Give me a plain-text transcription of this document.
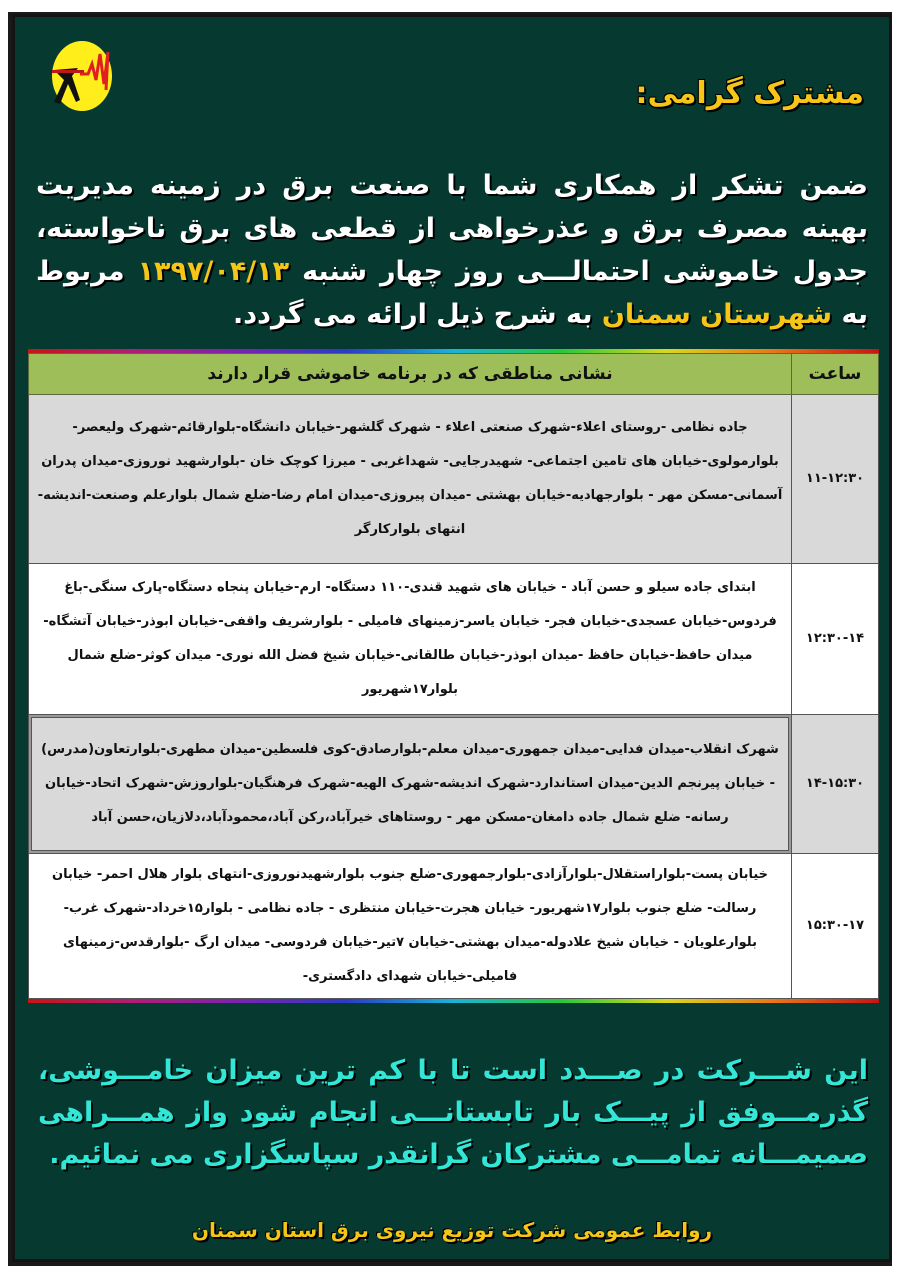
مشترک گرامی:
ضمن تشکر از همکاری شما با صنعت برق در زمینه مدیریت بهینه مصرف برق و عذرخواهی از قطعی های برق ناخواسته، جدول خاموشی احتمالـــی روز چهار شنبه ۱۳۹۷/۰۴/۱۳ مربوط به شهرستان سمنان به شرح ذیل ارائه می گردد.
ساعت	نشانی مناطقی که در برنامه خاموشی قرار دارند
۱۱-۱۲:۳۰	جاده نظامی -روستای اعلاء-شهرک صنعتی اعلاء - شهرک گلشهر-خیابان دانشگاه-بلوارقائم-شهرک ولیعصر-بلوارمولوی-خیابان های تامین اجتماعی- شهیدرجایی- شهداغربی - میرزا کوچک خان -بلوارشهید نوروزی-میدان پدران آسمانی-مسکن مهر - بلوارجهادیه-خیابان بهشتی -میدان پیروزی-میدان امام رضا-ضلع شمال بلوارعلم وصنعت-اندیشه-انتهای بلوارکارگر
۱۲:۳۰-۱۴	ابتدای جاده سیلو و حسن آباد - خیابان های شهید قندی-۱۱۰ دستگاه- ارم-خیابان پنجاه دستگاه-پارک سنگی-باغ فردوس-خیابان عسجدی-خیابان فجر- خیابان یاسر-زمینهای فامیلی - بلوارشریف واقفی-خیابان ابوذر-خیابان آتشگاه-میدان حافظ-خیابان حافظ -میدان ابوذر-خیابان طالقانی-خیابان شیخ فضل الله نوری- میدان کوثر-ضلع شمال بلوار۱۷شهریور
۱۴-۱۵:۳۰	شهرک انقلاب-میدان فدایی-میدان جمهوری-میدان معلم-بلوارصادق-کوی فلسطین-میدان مطهری-بلوارتعاون(مدرس) - خیابان پیرنجم الدین-میدان استاندارد-شهرک اندیشه-شهرک الهیه-شهرک فرهنگیان-بلواروزش-شهرک اتحاد-خیابان رسانه- ضلع شمال جاده دامغان-مسکن مهر - روستاهای خیرآباد،رکن آباد،محمودآباد،دلازیان،حسن آباد
۱۵:۳۰-۱۷	خیابان پست-بلواراستقلال-بلوارآزادی-بلوارجمهوری-ضلع جنوب بلوارشهیدنوروزی-انتهای بلوار هلال احمر- خیابان رسالت- ضلع جنوب بلوار۱۷شهریور- خیابان هجرت-خیابان منتظری - جاده نظامی - بلوار۱۵خرداد-شهرک غرب-بلوارعلویان - خیابان شیخ علادوله-میدان بهشتی-خیابان ۷تیر-خیابان فردوسی- میدان ارگ -بلوارقدس-زمینهای فامیلی-خیابان شهدای دادگستری-
این شـــرکت در صـــدد است تا با کم ترین میزان خامـــوشی، گذرمـــوفق از پیـــک بار تابستانـــی انجام شود واز همـــراهی صمیمـــانه تمامـــی مشترکان گرانقدر سپاسگزاری می نمائیم.
روابط عمومی شرکت توزیع نیروی برق استان سمنان
